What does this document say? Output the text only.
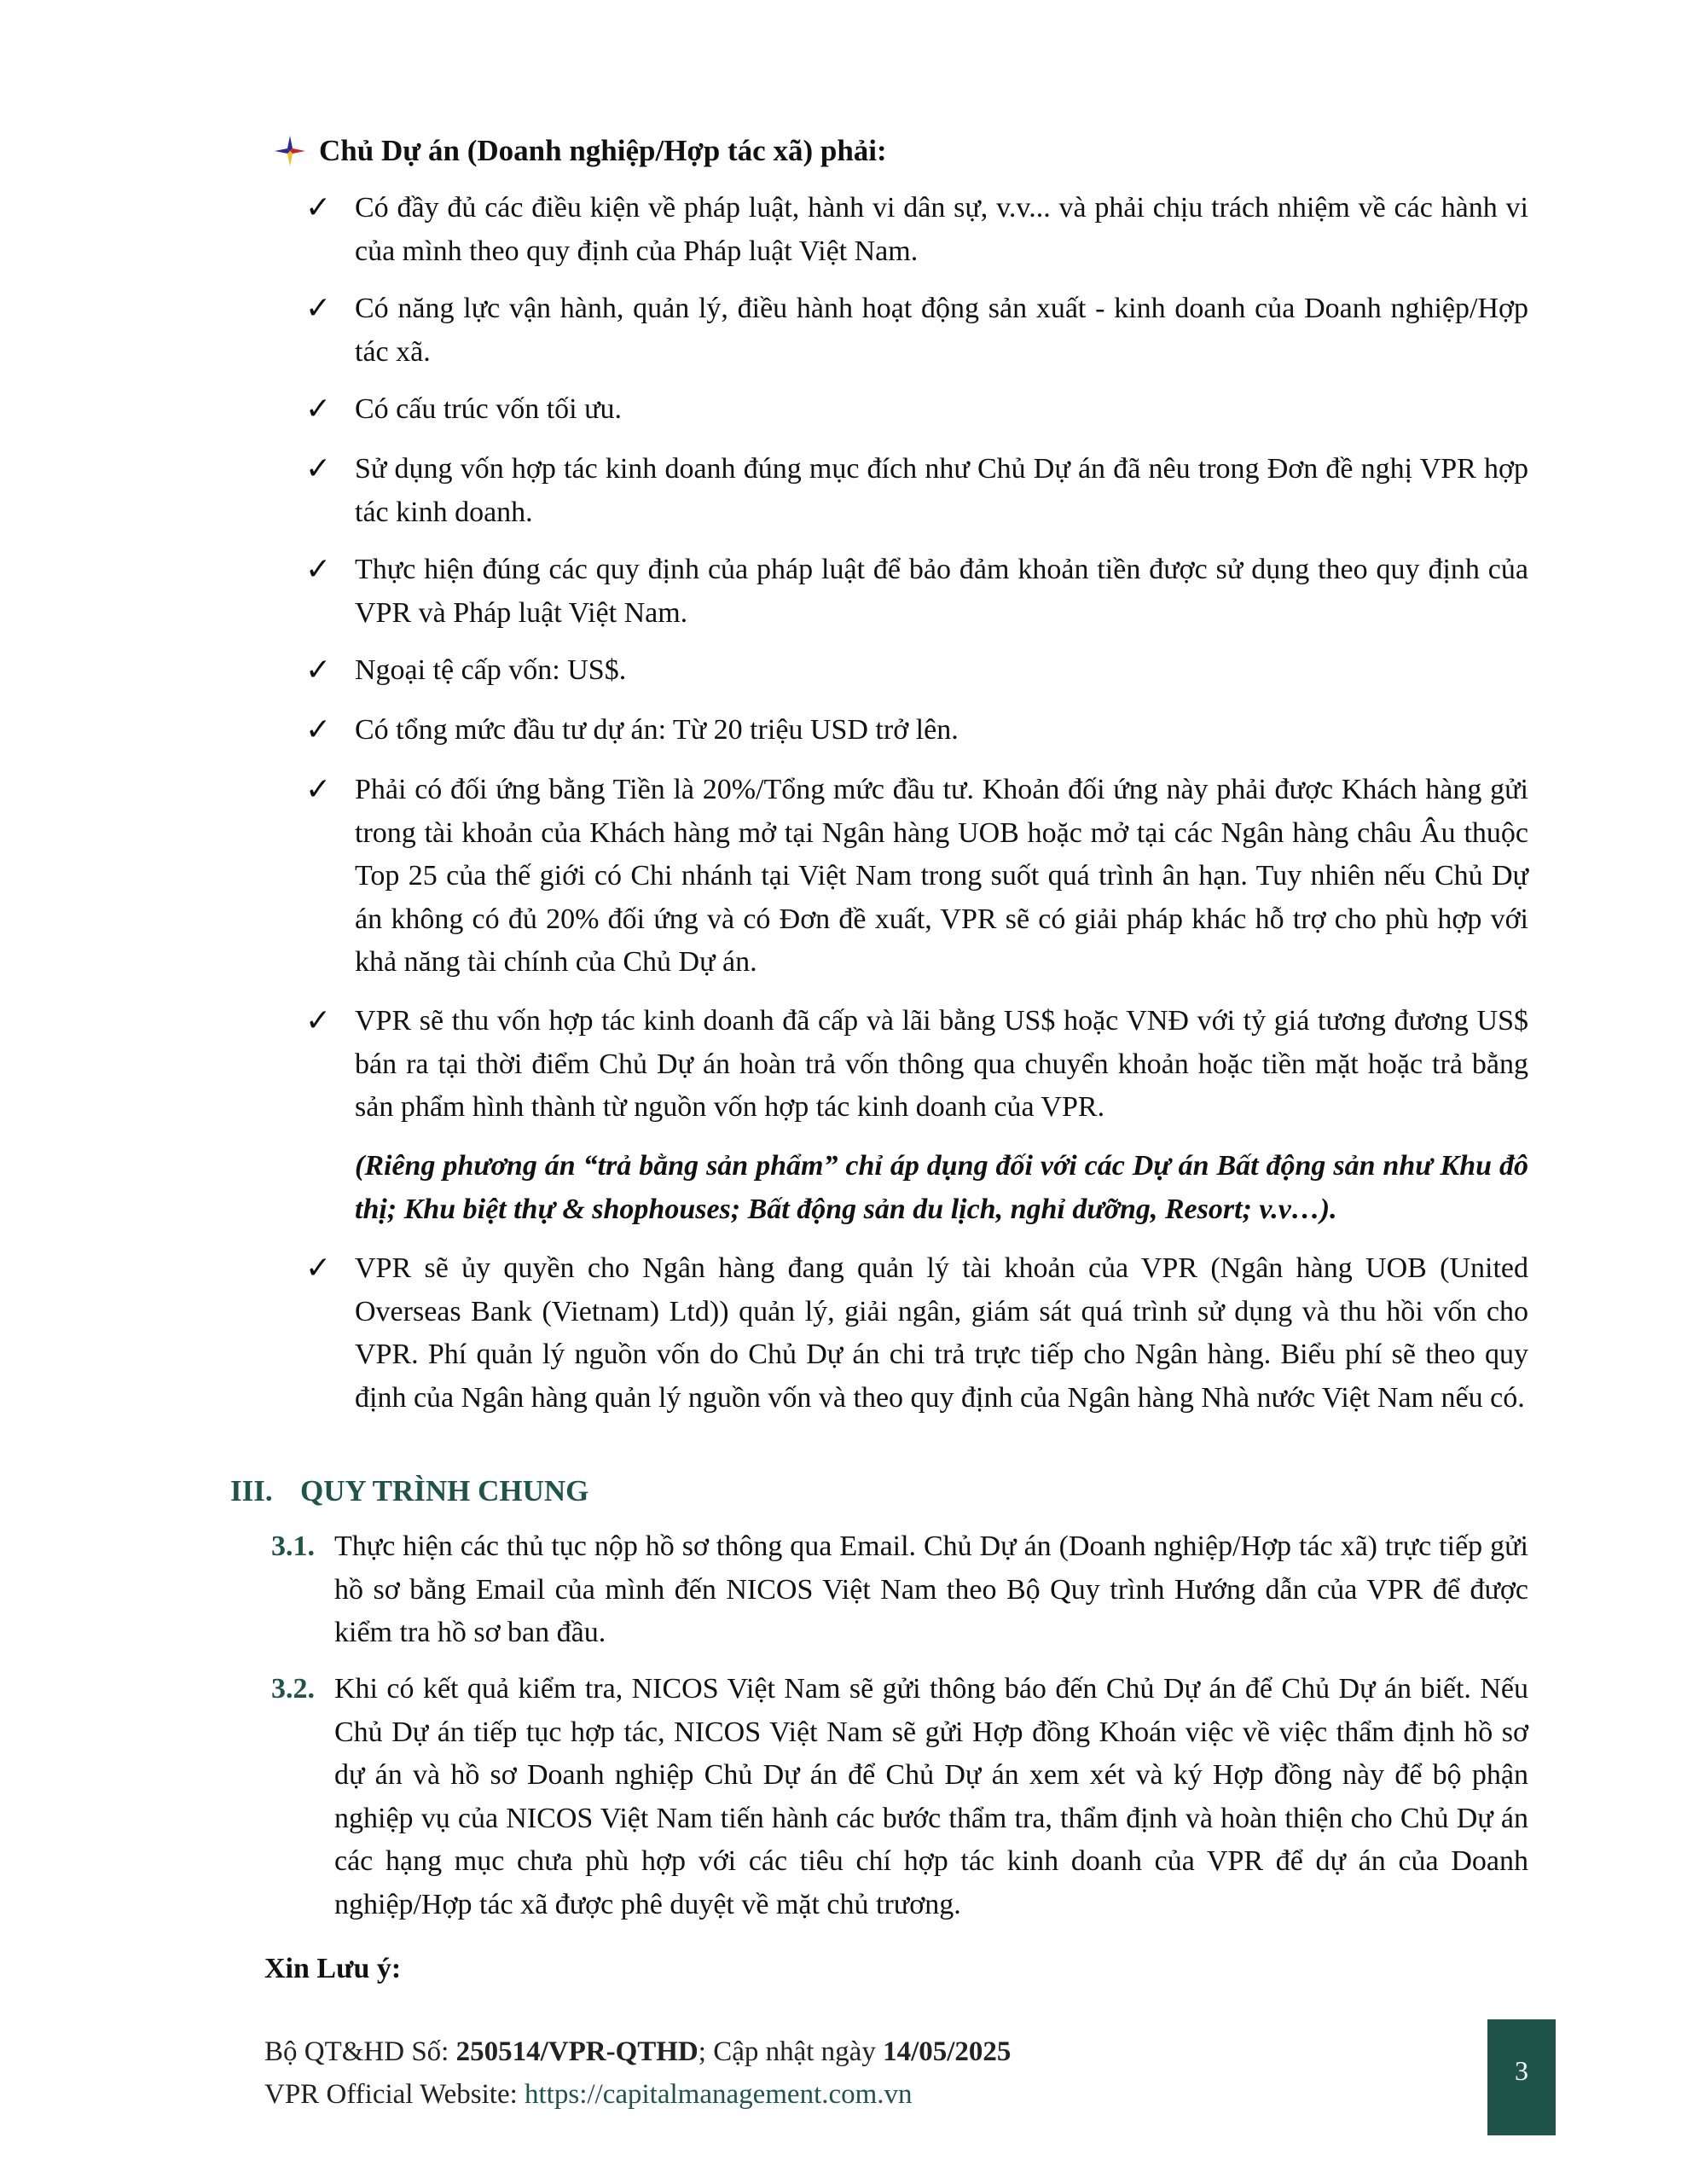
Chủ Dự án (Doanh nghiệp/Hợp tác xã) phải:
✓ Có đầy đủ các điều kiện về pháp luật, hành vi dân sự, v.v... và phải chịu trách nhiệm về các hành vi của mình theo quy định của Pháp luật Việt Nam.
✓ Có năng lực vận hành, quản lý, điều hành hoạt động sản xuất - kinh doanh của Doanh nghiệp/Hợp tác xã.
✓ Có cấu trúc vốn tối ưu.
✓ Sử dụng vốn hợp tác kinh doanh đúng mục đích như Chủ Dự án đã nêu trong Đơn đề nghị VPR hợp tác kinh doanh.
✓ Thực hiện đúng các quy định của pháp luật để bảo đảm khoản tiền được sử dụng theo quy định của VPR và Pháp luật Việt Nam.
✓ Ngoại tệ cấp vốn: US$.
✓ Có tổng mức đầu tư dự án: Từ 20 triệu USD trở lên.
✓ Phải có đối ứng bằng Tiền là 20%/Tổng mức đầu tư. Khoản đối ứng này phải được Khách hàng gửi trong tài khoản của Khách hàng mở tại Ngân hàng UOB hoặc mở tại các Ngân hàng châu Âu thuộc Top 25 của thế giới có Chi nhánh tại Việt Nam trong suốt quá trình ân hạn. Tuy nhiên nếu Chủ Dự án không có đủ 20% đối ứng và có Đơn đề xuất, VPR sẽ có giải pháp khác hỗ trợ cho phù hợp với khả năng tài chính của Chủ Dự án.
✓ VPR sẽ thu vốn hợp tác kinh doanh đã cấp và lãi bằng US$ hoặc VNĐ với tỷ giá tương đương US$ bán ra tại thời điểm Chủ Dự án hoàn trả vốn thông qua chuyển khoản hoặc tiền mặt hoặc trả bằng sản phẩm hình thành từ nguồn vốn hợp tác kinh doanh của VPR.
(Riêng phương án “trả bằng sản phẩm” chỉ áp dụng đối với các Dự án Bất động sản như Khu đô thị; Khu biệt thự & shophouses; Bất động sản du lịch, nghỉ dưỡng, Resort; v.v…).
✓ VPR sẽ ủy quyền cho Ngân hàng đang quản lý tài khoản của VPR (Ngân hàng UOB (United Overseas Bank (Vietnam) Ltd)) quản lý, giải ngân, giám sát quá trình sử dụng và thu hồi vốn cho VPR. Phí quản lý nguồn vốn do Chủ Dự án chi trả trực tiếp cho Ngân hàng. Biểu phí sẽ theo quy định của Ngân hàng quản lý nguồn vốn và theo quy định của Ngân hàng Nhà nước Việt Nam nếu có.
III. QUY TRÌNH CHUNG
3.1. Thực hiện các thủ tục nộp hồ sơ thông qua Email. Chủ Dự án (Doanh nghiệp/Hợp tác xã) trực tiếp gửi hồ sơ bằng Email của mình đến NICOS Việt Nam theo Bộ Quy trình Hướng dẫn của VPR để được kiểm tra hồ sơ ban đầu.
3.2. Khi có kết quả kiểm tra, NICOS Việt Nam sẽ gửi thông báo đến Chủ Dự án để Chủ Dự án biết. Nếu Chủ Dự án tiếp tục hợp tác, NICOS Việt Nam sẽ gửi Hợp đồng Khoán việc về việc thẩm định hồ sơ dự án và hồ sơ Doanh nghiệp Chủ Dự án để Chủ Dự án xem xét và ký Hợp đồng này để bộ phận nghiệp vụ của NICOS Việt Nam tiến hành các bước thẩm tra, thẩm định và hoàn thiện cho Chủ Dự án các hạng mục chưa phù hợp với các tiêu chí hợp tác kinh doanh của VPR để dự án của Doanh nghiệp/Hợp tác xã được phê duyệt về mặt chủ trương.
Xin Lưu ý:
Bộ QT&HD Số: 250514/VPR-QTHD; Cập nhật ngày 14/05/2025
VPR Official Website: https://capitalmanagement.com.vn
3
